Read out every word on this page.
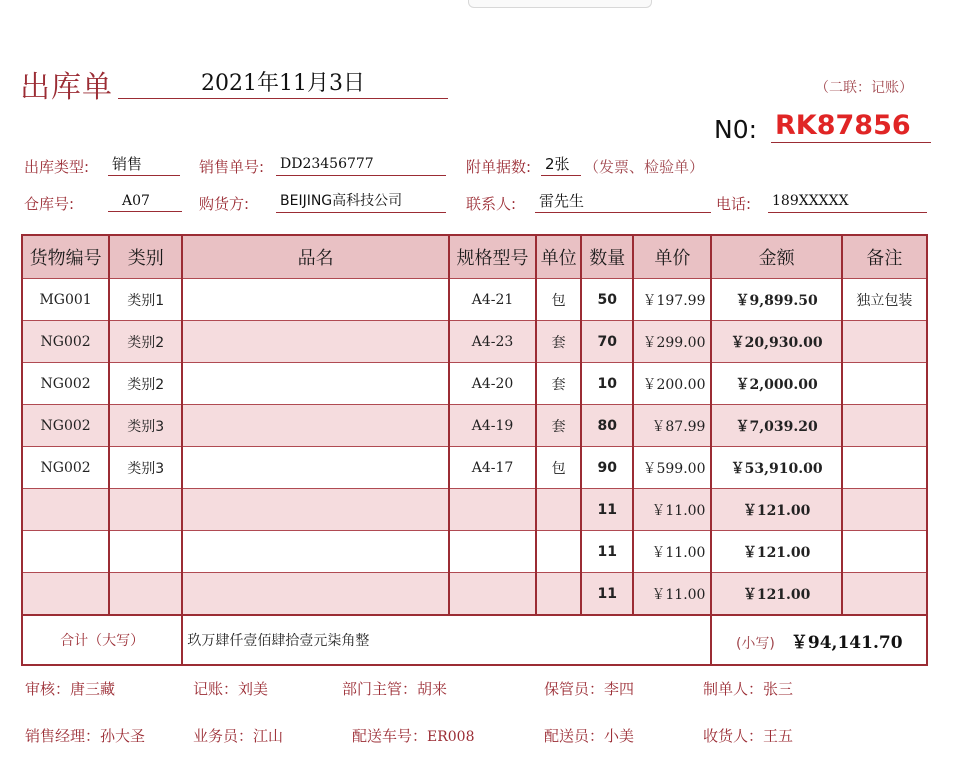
出库单	2021年11月3日	（二联：记账）
N0: RK87856
出库类型: 销售	销售单号: DD23456777	附单据数: 2张 （发票、检验单）
仓库号:	A07	购货方: BEIJING高科技公司	联系人: 雷先生	电话: 189XXXXX
货物编号	类别	品名	规格型号	单位	数量	单价	金额	备注
MG001	类别1		A4-21	包	50	￥197.99	￥9,899.50	独立包装
NG002	类别2		A4-23	套	70	￥299.00	￥20,930.00	
NG002	类别2		A4-20	套	10	￥200.00	￥2,000.00	
NG002	类别3		A4-19	套	80	￥87.99	￥7,039.20	
NG002	类别3		A4-17	包	90	￥599.00	￥53,910.00	
					11	￥11.00	￥121.00	
					11	￥11.00	￥121.00	
					11	￥11.00	￥121.00	
合计（大写）		玖万肆仟壹佰肆拾壹元柒角整					(小写) ￥94,141.70	
审核：唐三藏	记账：刘美	部门主管：胡来	保管员：李四	制单人：张三
销售经理：孙大圣	业务员：江山	配送车号：ER008	配送员：小美	收货人：王五
